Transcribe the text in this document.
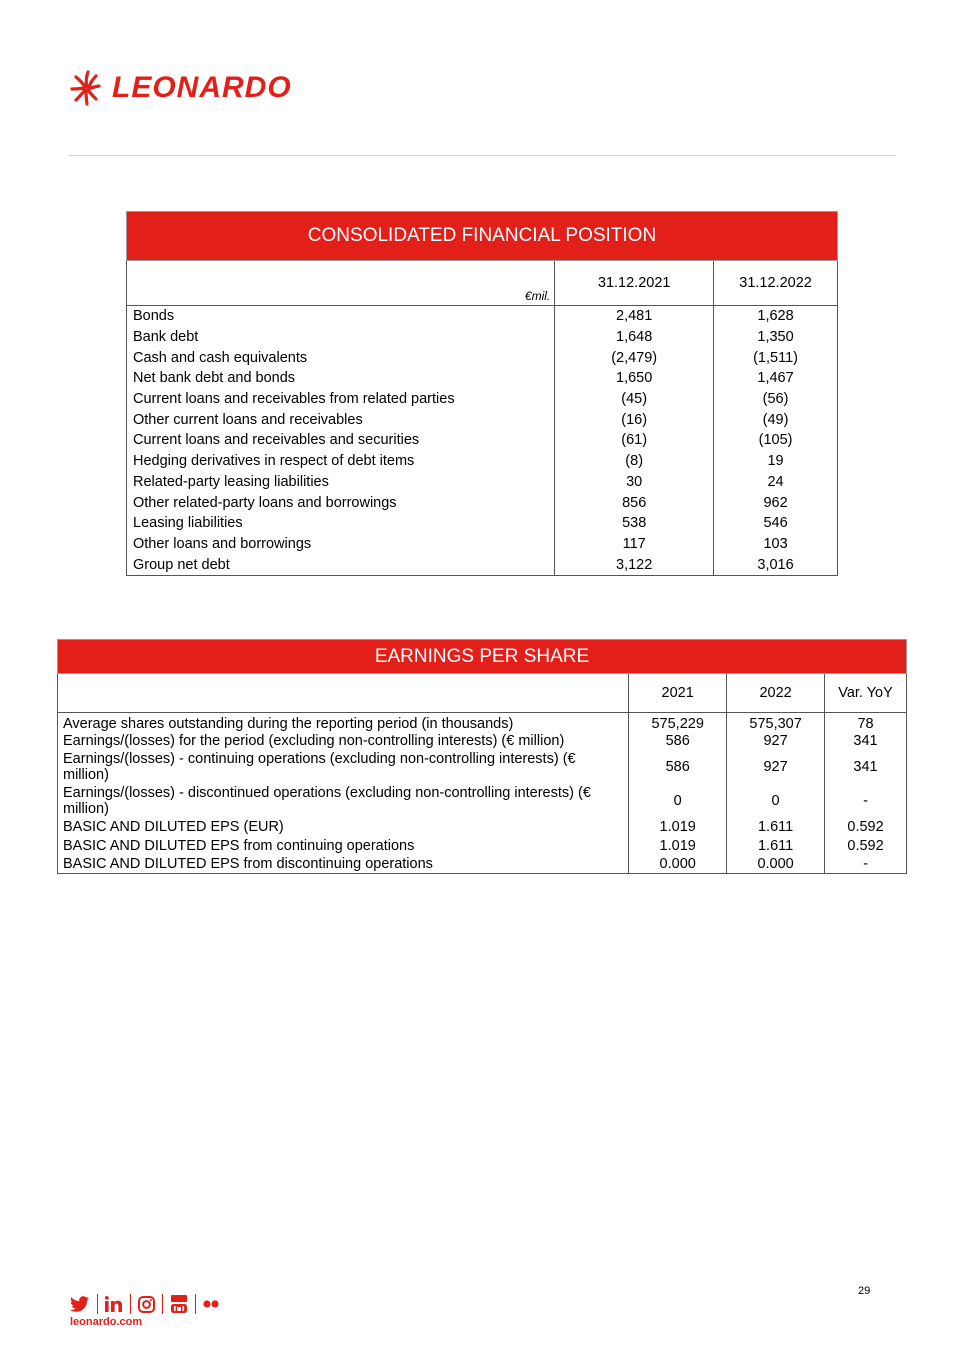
LEONARDO
CONSOLIDATED FINANCIAL POSITION		
€mil.	31.12.2021	31.12.2022
Bonds	2,481	1,628
Bank debt	1,648	1,350
Cash and cash equivalents	(2,479)	(1,511)
Net bank debt and bonds	1,650	1,467
Current loans and receivables from related parties	(45)	(56)
Other current loans and receivables	(16)	(49)
Current loans and receivables and securities	(61)	(105)
Hedging derivatives in respect of debt items	(8)	19
Related-party leasing liabilities	30	24
Other related-party loans and borrowings	856	962
Leasing liabilities	538	546
Other loans and borrowings	117	103
Group net debt	3,122	3,016
EARNINGS PER SHARE			
	2021	2022	Var. YoY
Average shares outstanding during the reporting period (in thousands)	575,229	575,307	78
Earnings/(losses) for the period (excluding non-controlling interests) (€ million)	586	927	341
Earnings/(losses) - continuing operations (excluding non-controlling interests) (€ million)	586	927	341
Earnings/(losses) - discontinued operations (excluding non-controlling interests) (€ million)	0	0	-
BASIC AND DILUTED EPS (EUR)	1.019	1.611	0.592
BASIC AND DILUTED EPS from continuing operations	1.019	1.611	0.592
BASIC AND DILUTED EPS from discontinuing operations	0.000	0.000	-
29
leonardo.com
